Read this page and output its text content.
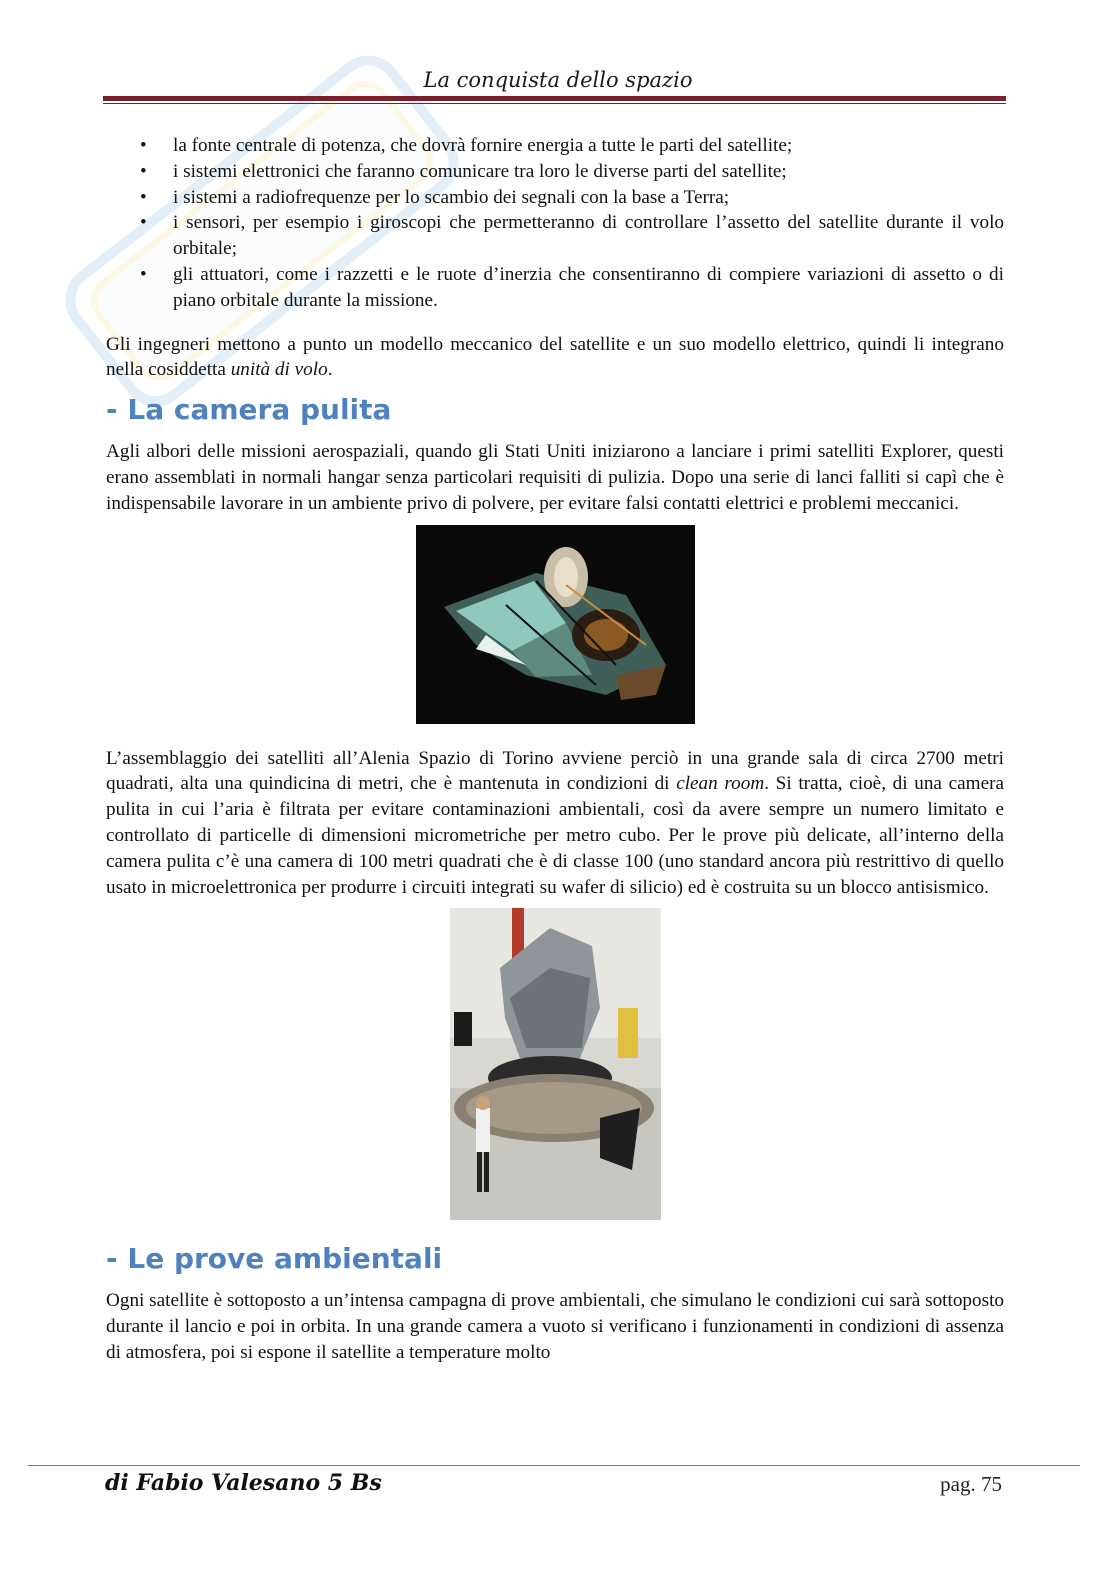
La conquista dello spazio
• la fonte centrale di potenza, che dovrà fornire energia a tutte le parti del satellite;
• i sistemi elettronici che faranno comunicare tra loro le diverse parti del satellite;
• i sistemi a radiofrequenze per lo scambio dei segnali con la base a Terra;
• i sensori, per esempio i giroscopi che permetteranno di controllare l’assetto del satellite durante il volo orbitale;
• gli attuatori, come i razzetti e le ruote d’inerzia che consentiranno di compiere variazioni di assetto o di piano orbitale durante la missione.

Gli ingegneri mettono a punto un modello meccanico del satellite e un suo modello elettrico, quindi li integrano nella cosiddetta unità di volo.

- La camera pulita

Agli albori delle missioni aerospaziali, quando gli Stati Uniti iniziarono a lanciare i primi satelliti Explorer, questi erano assemblati in normali hangar senza particolari requisiti di pulizia. Dopo una serie di lanci falliti si capì che è indispensabile lavorare in un ambiente privo di polvere, per evitare falsi contatti elettrici e problemi meccanici.

L’assemblaggio dei satelliti all’Alenia Spazio di Torino avviene perciò in una grande sala di circa 2700 metri quadrati, alta una quindicina di metri, che è mantenuta in condizioni di clean room. Si tratta, cioè, di una camera pulita in cui l’aria è filtrata per evitare contaminazioni ambientali, così da avere sempre un numero limitato e controllato di particelle di dimensioni micrometriche per metro cubo. Per le prove più delicate, all’interno della camera pulita c’è una camera di 100 metri quadrati che è di classe 100 (uno standard ancora più restrittivo di quello usato in microelettronica per produrre i circuiti integrati su wafer di silicio) ed è costruita su un blocco antisismico.

- Le prove ambientali

Ogni satellite è sottoposto a un’intensa campagna di prove ambientali, che simulano le condizioni cui sarà sottoposto durante il lancio e poi in orbita. In una grande camera a vuoto si verificano i funzionamenti in condizioni di assenza di atmosfera, poi si espone il satellite a temperature molto

di Fabio Valesano 5 Bs	pag. 75
